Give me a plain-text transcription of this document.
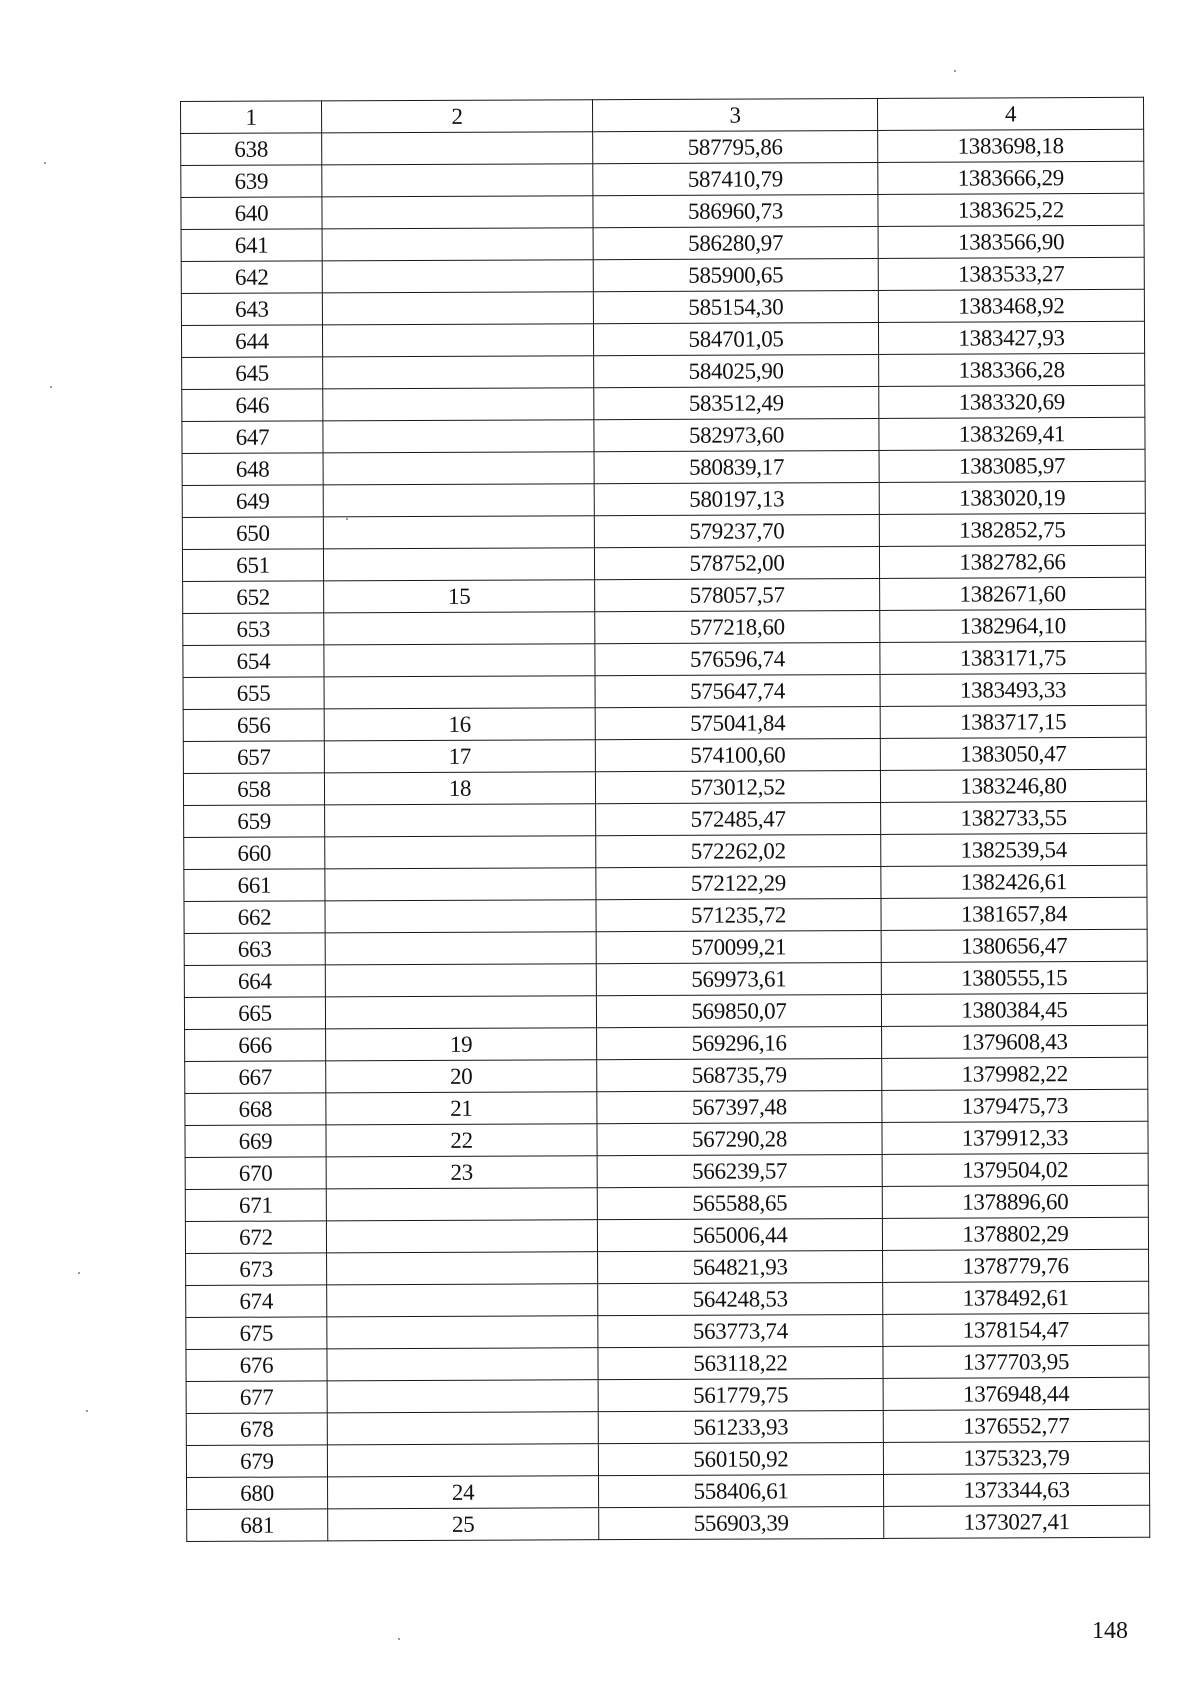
1	2	3	4
638		587795,86	1383698,18
639		587410,79	1383666,29
640		586960,73	1383625,22
641		586280,97	1383566,90
642		585900,65	1383533,27
643		585154,30	1383468,92
644		584701,05	1383427,93
645		584025,90	1383366,28
646		583512,49	1383320,69
647		582973,60	1383269,41
648		580839,17	1383085,97
649		580197,13	1383020,19
650		579237,70	1382852,75
651		578752,00	1382782,66
652	15	578057,57	1382671,60
653		577218,60	1382964,10
654		576596,74	1383171,75
655		575647,74	1383493,33
656	16	575041,84	1383717,15
657	17	574100,60	1383050,47
658	18	573012,52	1383246,80
659		572485,47	1382733,55
660		572262,02	1382539,54
661		572122,29	1382426,61
662		571235,72	1381657,84
663		570099,21	1380656,47
664		569973,61	1380555,15
665		569850,07	1380384,45
666	19	569296,16	1379608,43
667	20	568735,79	1379982,22
668	21	567397,48	1379475,73
669	22	567290,28	1379912,33
670	23	566239,57	1379504,02
671		565588,65	1378896,60
672		565006,44	1378802,29
673		564821,93	1378779,76
674		564248,53	1378492,61
675		563773,74	1378154,47
676		563118,22	1377703,95
677		561779,75	1376948,44
678		561233,93	1376552,77
679		560150,92	1375323,79
680	24	558406,61	1373344,63
681	25	556903,39	1373027,41
148
